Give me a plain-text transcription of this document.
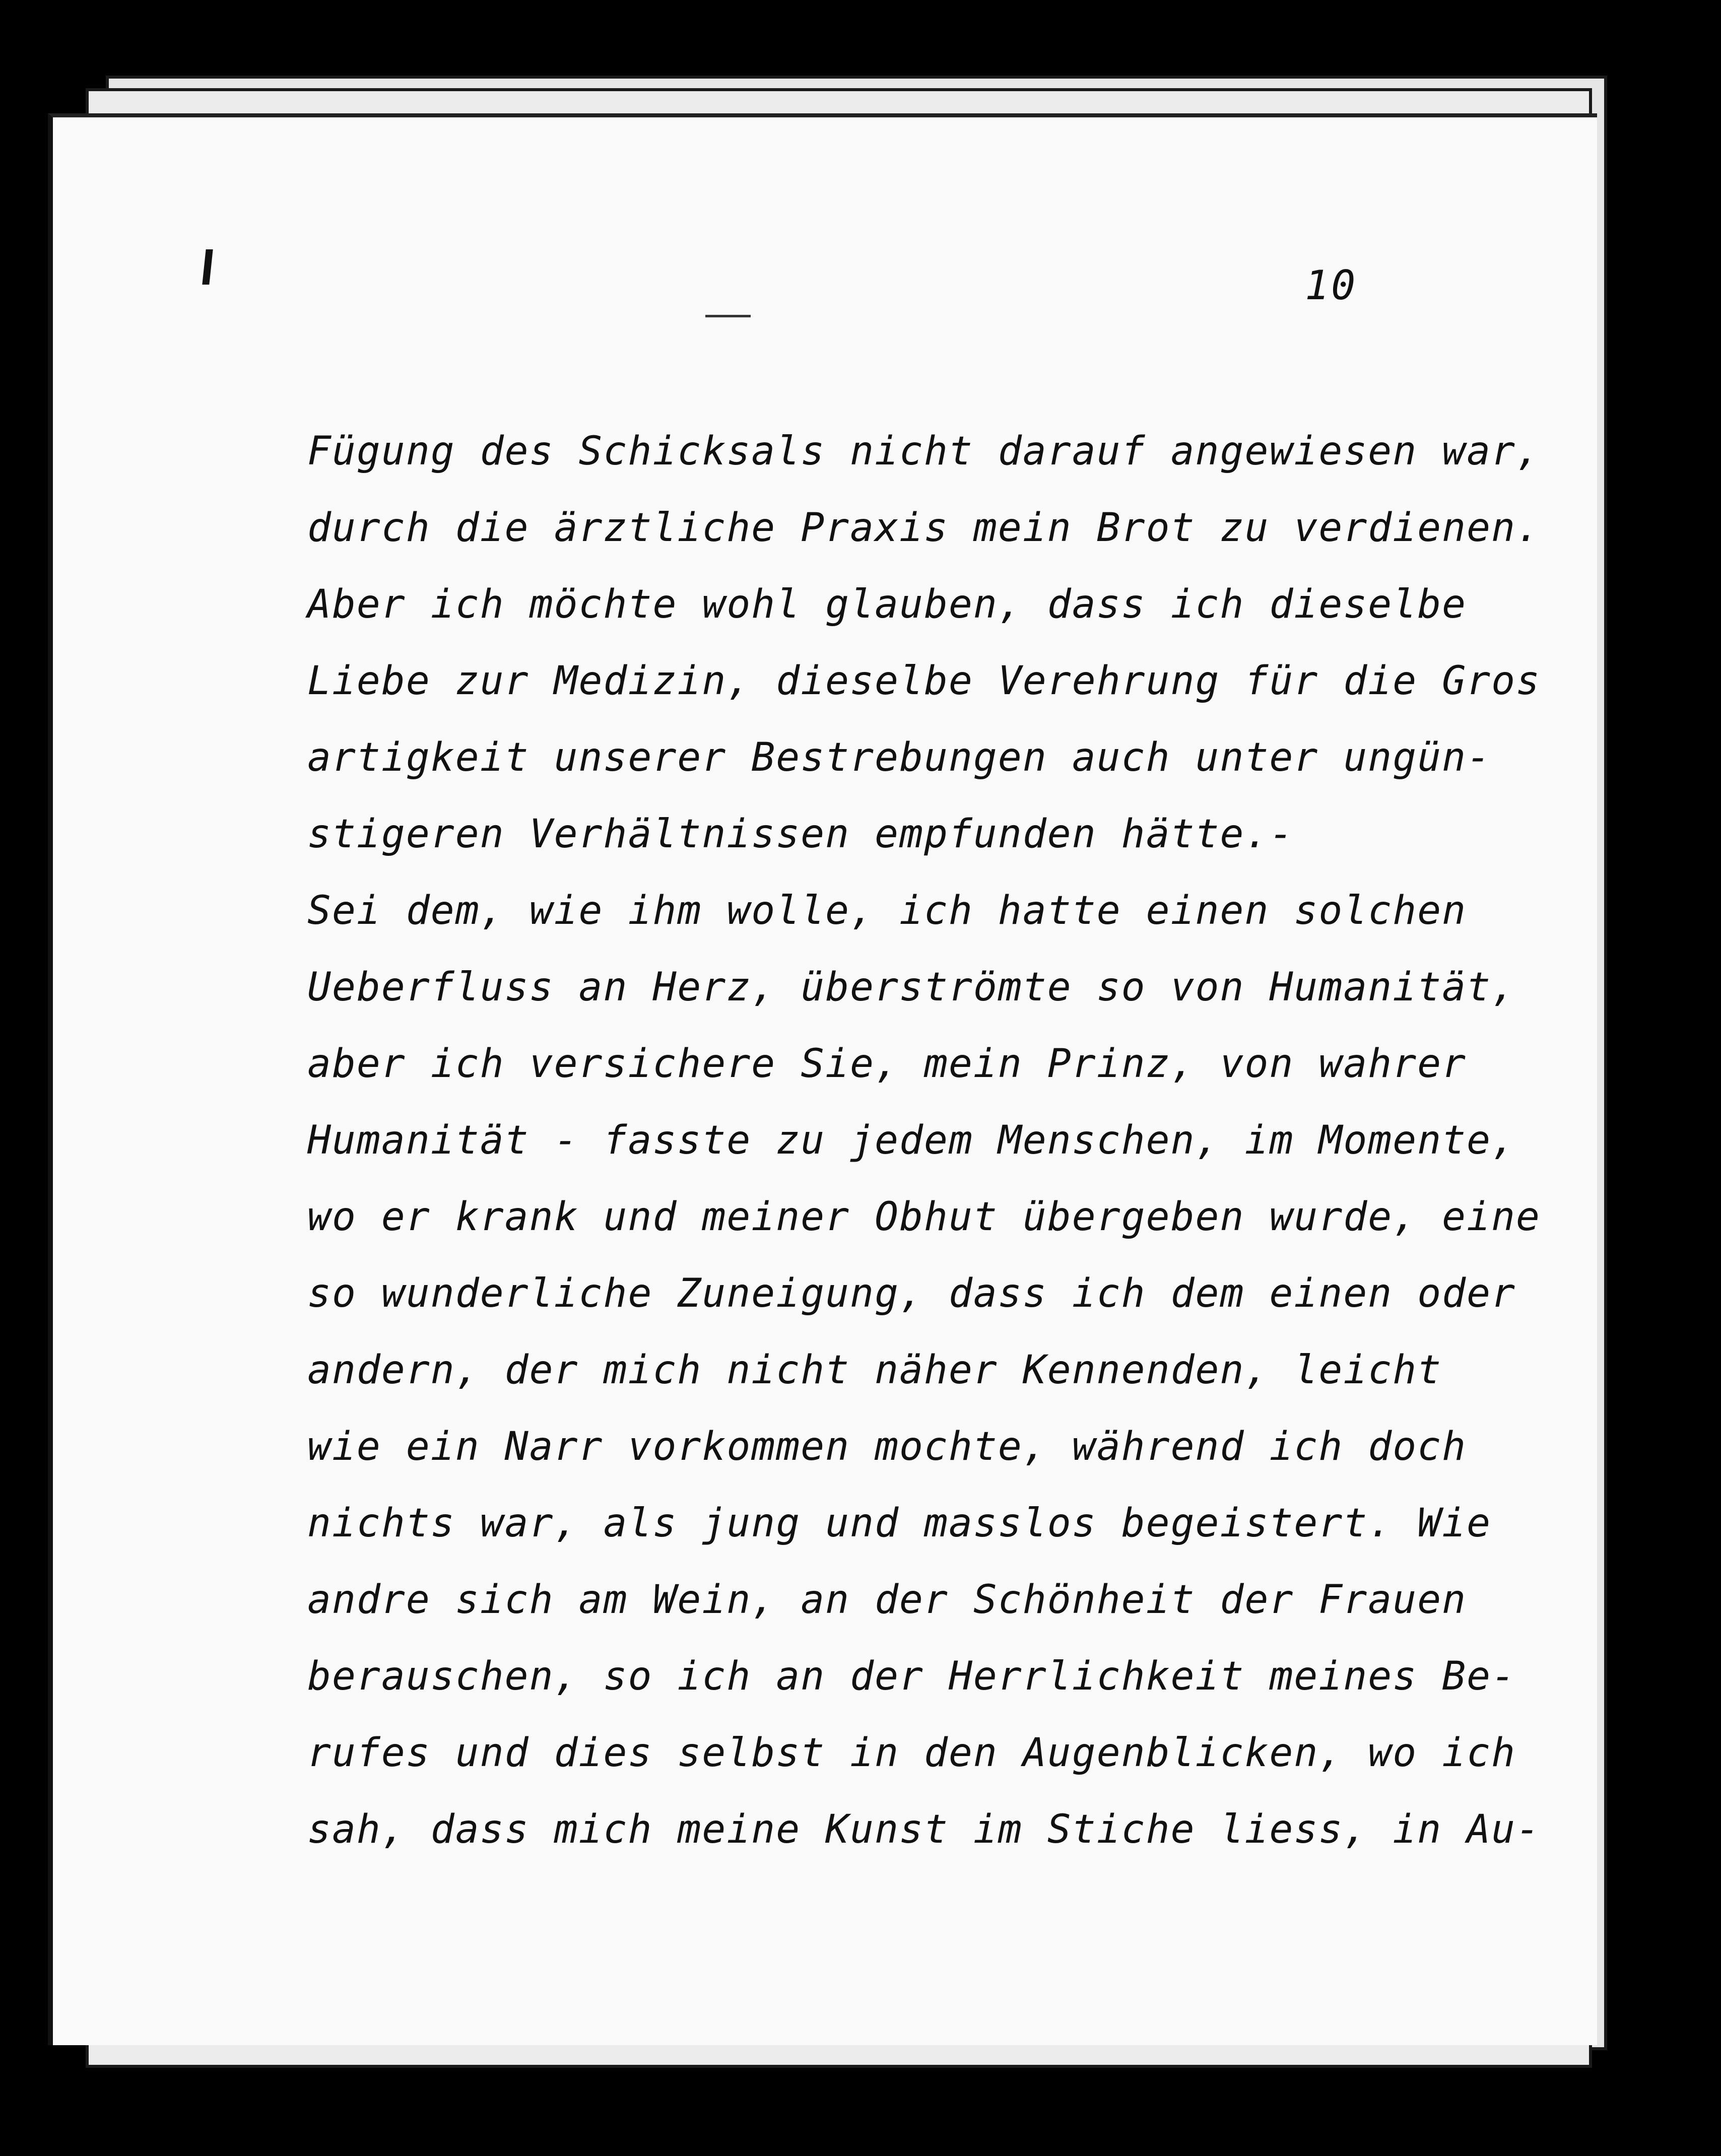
10
Fügung des Schicksals nicht darauf angewiesen war,
durch die ärztliche Praxis mein Brot zu verdienen.
Aber ich möchte wohl glauben, dass ich dieselbe
Liebe zur Medizin, dieselbe Verehrung für die Gros
artigkeit unserer Bestrebungen auch unter ungün-
stigeren Verhältnissen empfunden hätte.-
Sei dem, wie ihm wolle, ich hatte einen solchen
Ueberfluss an Herz, überströmte so von Humanität,
aber ich versichere Sie, mein Prinz, von wahrer
Humanität - fasste zu jedem Menschen, im Momente,
wo er krank und meiner Obhut übergeben wurde, eine
so wunderliche Zuneigung, dass ich dem einen oder
andern, der mich nicht näher Kennenden, leicht
wie ein Narr vorkommen mochte, während ich doch
nichts war, als jung und masslos begeistert. Wie
andre sich am Wein, an der Schönheit der Frauen
berauschen, so ich an der Herrlichkeit meines Be-
rufes und dies selbst in den Augenblicken, wo ich
sah, dass mich meine Kunst im Stiche liess, in Au-
